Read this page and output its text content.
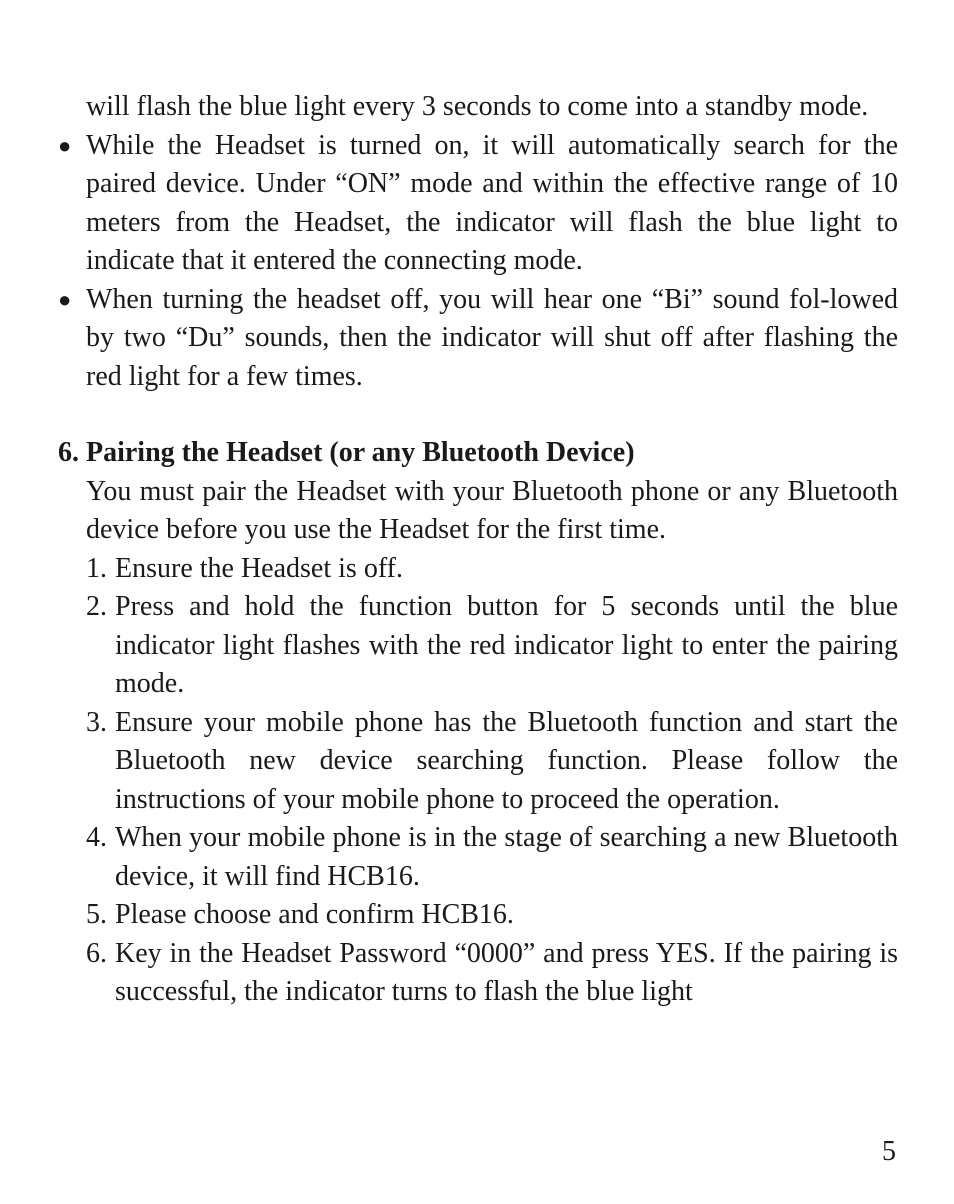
will flash the blue light every 3 seconds to come into a standby mode.
● While the Headset is turned on, it will automatically search for the paired device. Under “ON” mode and within the effective range of 10 meters from the Headset, the indicator will flash the blue light to indicate that it entered the connecting mode.
● When turning the headset off, you will hear one “Bi” sound fol-lowed by two “Du” sounds, then the indicator will shut off after flashing the red light for a few times.
6. Pairing the Headset (or any Bluetooth Device)
You must pair the Headset with your Bluetooth phone or any Bluetooth device before you use the Headset for the first time.
1. Ensure the Headset is off.
2. Press and hold the function button for 5 seconds until the blue indicator light flashes with the red indicator light to enter the pairing mode.
3. Ensure your mobile phone has the Bluetooth function and start the Bluetooth new device searching function. Please follow the instructions of your mobile phone to proceed the operation.
4. When your mobile phone is in the stage of searching a new Bluetooth device, it will find HCB16.
5. Please choose and confirm HCB16.
6. Key in the Headset Password “0000” and press YES. If the pairing is successful, the indicator turns to flash the blue light
5
